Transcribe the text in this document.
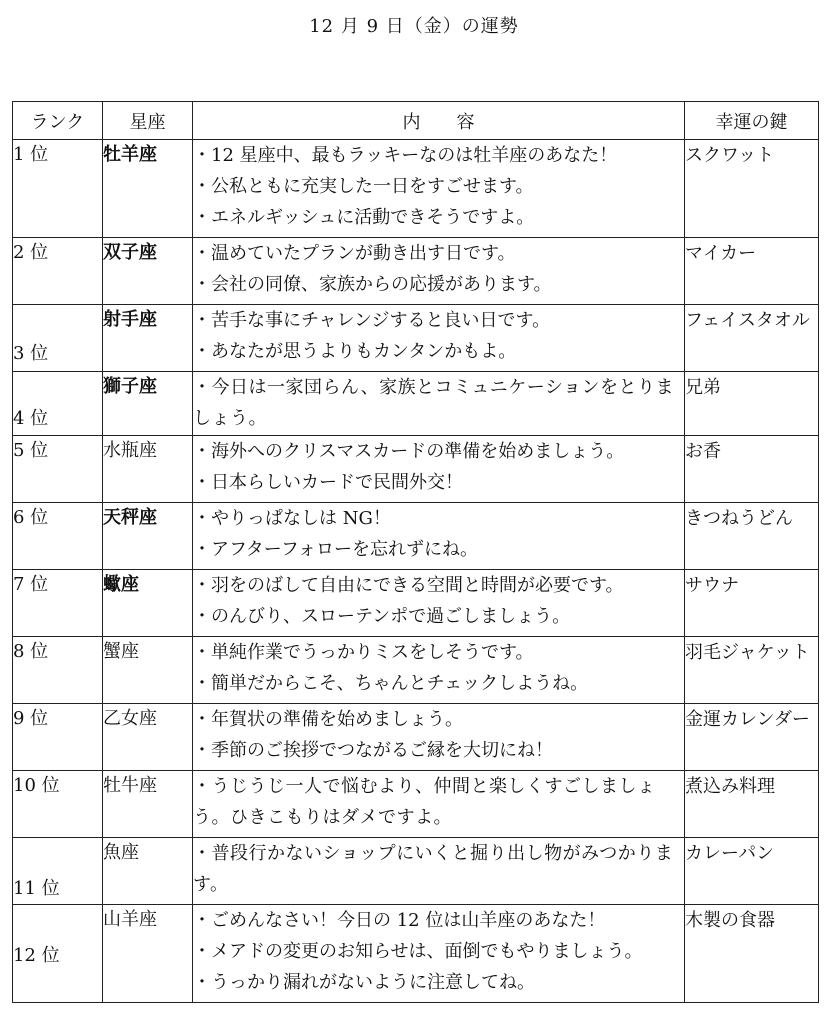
12 月 9 日（金）の運勢
ランク	星座	内　　容	幸運の鍵
1 位	牡羊座	・12 星座中、最もラッキーなのは牡羊座のあなた！
・公私ともに充実した一日をすごせます。
・エネルギッシュに活動できそうですよ。	スクワット
2 位	双子座	・温めていたプランが動き出す日です。
・会社の同僚、家族からの応援があります。	マイカー
3 位	射手座	・苦手な事にチャレンジすると良い日です。
・あなたが思うよりもカンタンかもよ。	フェイスタオル
4 位	獅子座	・今日は一家団らん、家族とコミュニケーションをとりましょう。	兄弟
5 位	水瓶座	・海外へのクリスマスカードの準備を始めましょう。
・日本らしいカードで民間外交！	お香
6 位	天秤座	・やりっぱなしは NG！
・アフターフォローを忘れずにね。	きつねうどん
7 位	蠍座	・羽をのばして自由にできる空間と時間が必要です。
・のんびり、スローテンポで過ごしましょう。	サウナ
8 位	蟹座	・単純作業でうっかりミスをしそうです。
・簡単だからこそ、ちゃんとチェックしようね。	羽毛ジャケット
9 位	乙女座	・年賀状の準備を始めましょう。
・季節のご挨拶でつながるご縁を大切にね！	金運カレンダー
10 位	牡牛座	・うじうじ一人で悩むより、仲間と楽しくすごしましょう。ひきこもりはダメですよ。	煮込み料理
11 位	魚座	・普段行かないショップにいくと掘り出し物がみつかります。	カレーパン
12 位	山羊座	・ごめんなさい！今日の 12 位は山羊座のあなた！
・メアドの変更のお知らせは、面倒でもやりましょう。
・うっかり漏れがないように注意してね。	木製の食器
